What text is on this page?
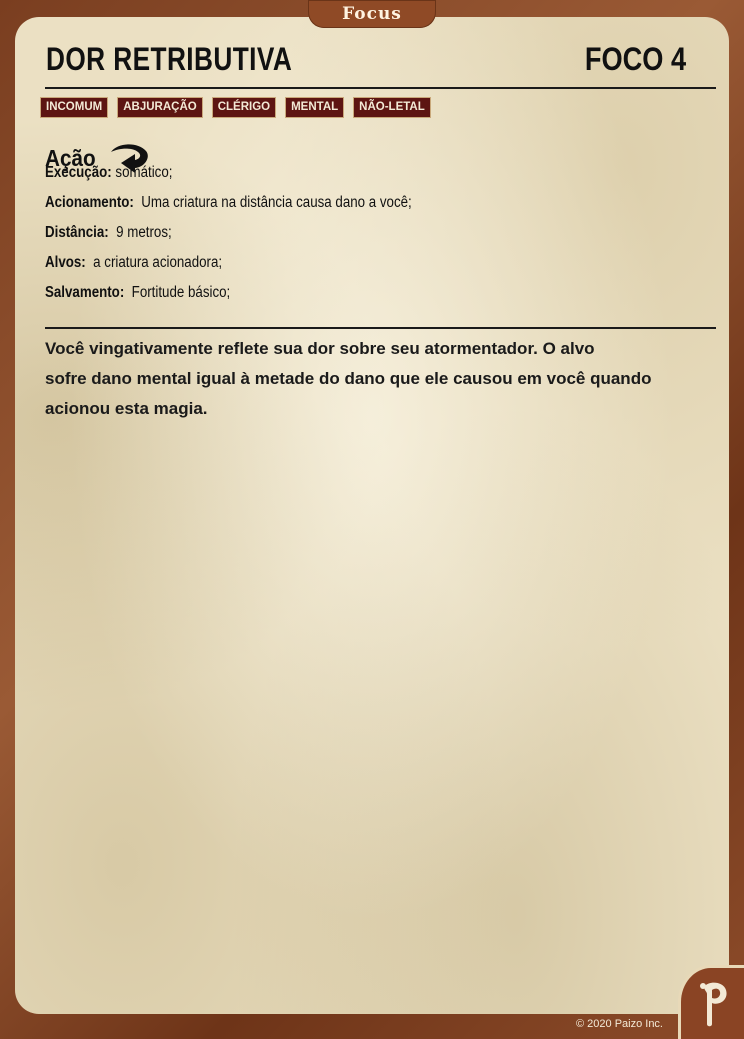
DOR RETRIBUTIVA	FOCO 4
INCOMUM	ABJURAÇÃO	CLÉRIGO	MENTAL	NÃO-LETAL
Ação
Execução: somático;
Acionamento: Uma criatura na distância causa dano a você;
Distância: 9 metros;
Alvos: a criatura acionadora;
Salvamento: Fortitude básico;
Você vingativamente reflete sua dor sobre seu atormentador. O alvo
sofre dano mental igual à metade do dano que ele causou em você quando
acionou esta magia.
Focus
© 2020 Paizo Inc.
